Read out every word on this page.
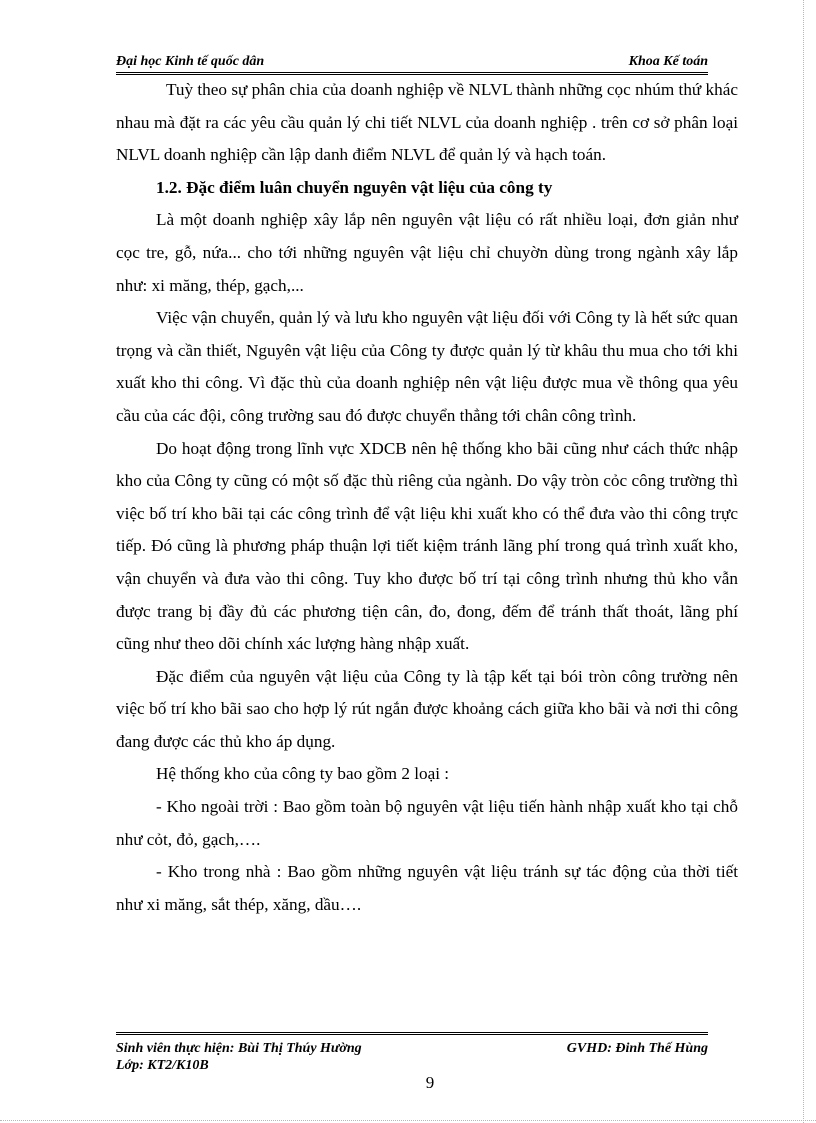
Đại học Kinh tế quốc dân	Khoa Kế toán

Tuỳ theo sự phân chia của doanh nghiệp về NLVL thành những cọc nhúm thứ khác nhau mà đặt ra các yêu cầu quản lý chi tiết NLVL của doanh nghiệp . trên cơ sở phân loại NLVL doanh nghiệp cần lập danh điểm NLVL để quản lý và hạch toán.

1.2. Đặc điểm luân chuyển nguyên vật liệu của công ty

Là một doanh nghiệp xây lắp nên nguyên vật liệu có rất nhiều loại, đơn giản như cọc tre, gỗ, nứa... cho tới những nguyên vật liệu chỉ chuyờn dùng trong ngành xây lắp như: xi măng, thép, gạch,...

Việc vận chuyển, quản lý và lưu kho nguyên vật liệu đối với Công ty là hết sức quan trọng và cần thiết, Nguyên vật liệu của Công ty được quản lý từ khâu thu mua cho tới khi xuất kho thi công. Vì đặc thù của doanh nghiệp nên vật liệu được mua về thông qua yêu cầu của các đội, công trường sau đó được chuyển thẳng tới chân công trình.

Do hoạt động trong lĩnh vực XDCB nên hệ thống kho bãi cũng như cách thức nhập kho của Công ty cũng có một số đặc thù riêng của ngành. Do vậy tròn cỏc công trường thì việc bố trí kho bãi tại các công trình để vật liệu khi xuất kho có thể đưa vào thi công trực tiếp. Đó cũng là phương pháp thuận lợi tiết kiệm tránh lãng phí trong quá trình xuất kho, vận chuyển và đưa vào thi công. Tuy kho được bố trí tại công trình nhưng thủ kho vẫn được trang bị đầy đủ các phương tiện cân, đo, đong, đếm để tránh thất thoát, lãng phí cũng như theo dõi chính xác lượng hàng nhập xuất.

Đặc điểm của nguyên vật liệu của Công ty là tập kết tại bói tròn công trường nên việc bố trí kho bãi sao cho hợp lý rút ngắn được khoảng cách giữa kho bãi và nơi thi công đang được các thủ kho áp dụng.

Hệ thống kho của công ty bao gồm 2 loại :

- Kho ngoài trời : Bao gồm toàn bộ nguyên vật liệu tiến hành nhập xuất kho tại chỗ như cỏt, đỏ, gạch,….

- Kho trong nhà : Bao gồm những nguyên vật liệu tránh sự tác động của thời tiết như xi măng, sắt thép, xăng, dầu….

Sinh viên thực hiện: Bùi Thị Thúy Hường	GVHD: Đinh Thế Hùng
Lớp: KT2/K10B
9
